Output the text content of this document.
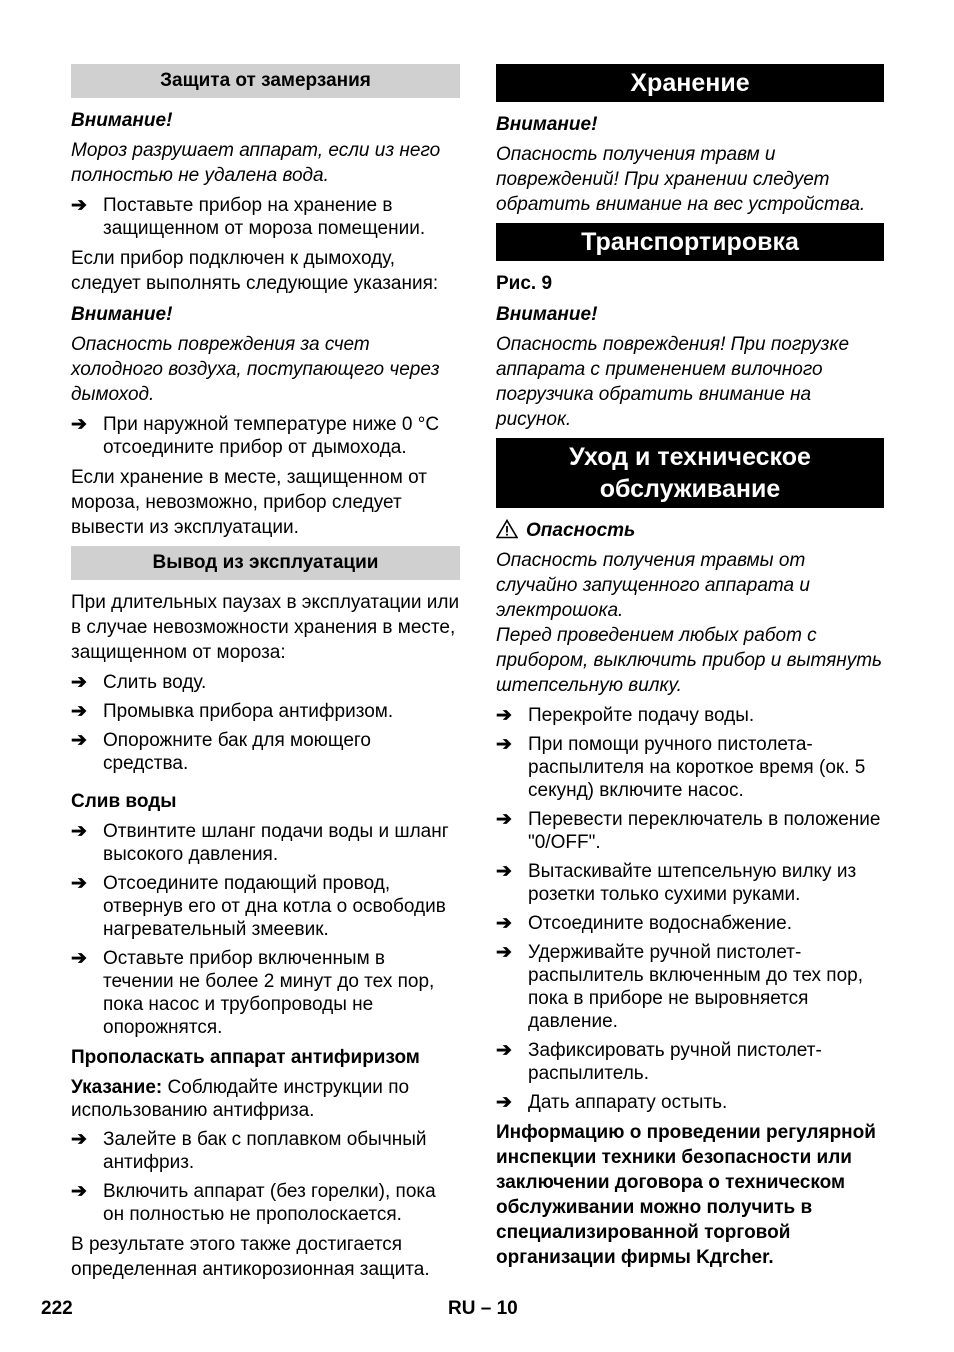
Защита от замерзания
Внимание!
Мороз разрушает аппарат, если из него полностью не удалена вода.
➔ Поставьте прибор на хранение в защищенном от мороза помещении.
Если прибор подключен к дымоходу, следует выполнять следующие указания:
Внимание!
Опасность повреждения за счет холодного воздуха, поступающего через дымоход.
➔ При наружной температуре ниже 0 °С отсоедините прибор от дымохода.
Если хранение в месте, защищенном от мороза, невозможно, прибор следует вывести из эксплуатации.
Вывод из эксплуатации
При длительных паузах в эксплуатации или в случае невозможности хранения в месте, защищенном от мороза:
➔ Слить воду.
➔ Промывка прибора антифризом.
➔ Опорожните бак для моющего средства.
Слив воды
➔ Отвинтите шланг подачи воды и шланг высокого давления.
➔ Отсоедините подающий провод, отвернув его от дна котла о освободив нагревательный змеевик.
➔ Оставьте прибор включенным в течении не более 2 минут до тех пор, пока насос и трубопроводы не опорожнятся.
Прополаскать аппарат антифиризом
Указание: Соблюдайте инструкции по использованию антифриза.
➔ Залейте в бак с поплавком обычный антифриз.
➔ Включить аппарат (без горелки), пока он полностью не прополоскается.
В результате этого также достигается определенная антикорозионная защита.
Хранение
Внимание!
Опасность получения травм и повреждений! При хранении следует обратить внимание на вес устройства.
Транспортировка
Рис. 9
Внимание!
Опасность повреждения! При погрузке аппарата с применением вилочного погрузчика обратить внимание на рисунок.
Уход и техническое
обслуживание
Опасность
Опасность получения травмы от случайно запущенного аппарата и электрошока.
Перед проведением любых работ с прибором, выключить прибор и вытянуть штепсельную вилку.
➔ Перекройте подачу воды.
➔ При помощи ручного пистолета-распылителя на короткое время (ок. 5 секунд) включите насос.
➔ Перевести переключатель в положение "0/OFF".
➔ Вытаскивайте штепсельную вилку из розетки только сухими руками.
➔ Отсоедините водоснабжение.
➔ Удерживайте ручной пистолет-распылитель включенным до тех пор, пока в приборе не выровняется давление.
➔ Зафиксировать ручной пистолет-распылитель.
➔ Дать аппарату остыть.
Информацию о проведении регулярной инспекции техники безопасности или заключении договора о техническом обслуживании можно получить в специализированной торговой организации фирмы Kдrcher.
222	RU – 10
